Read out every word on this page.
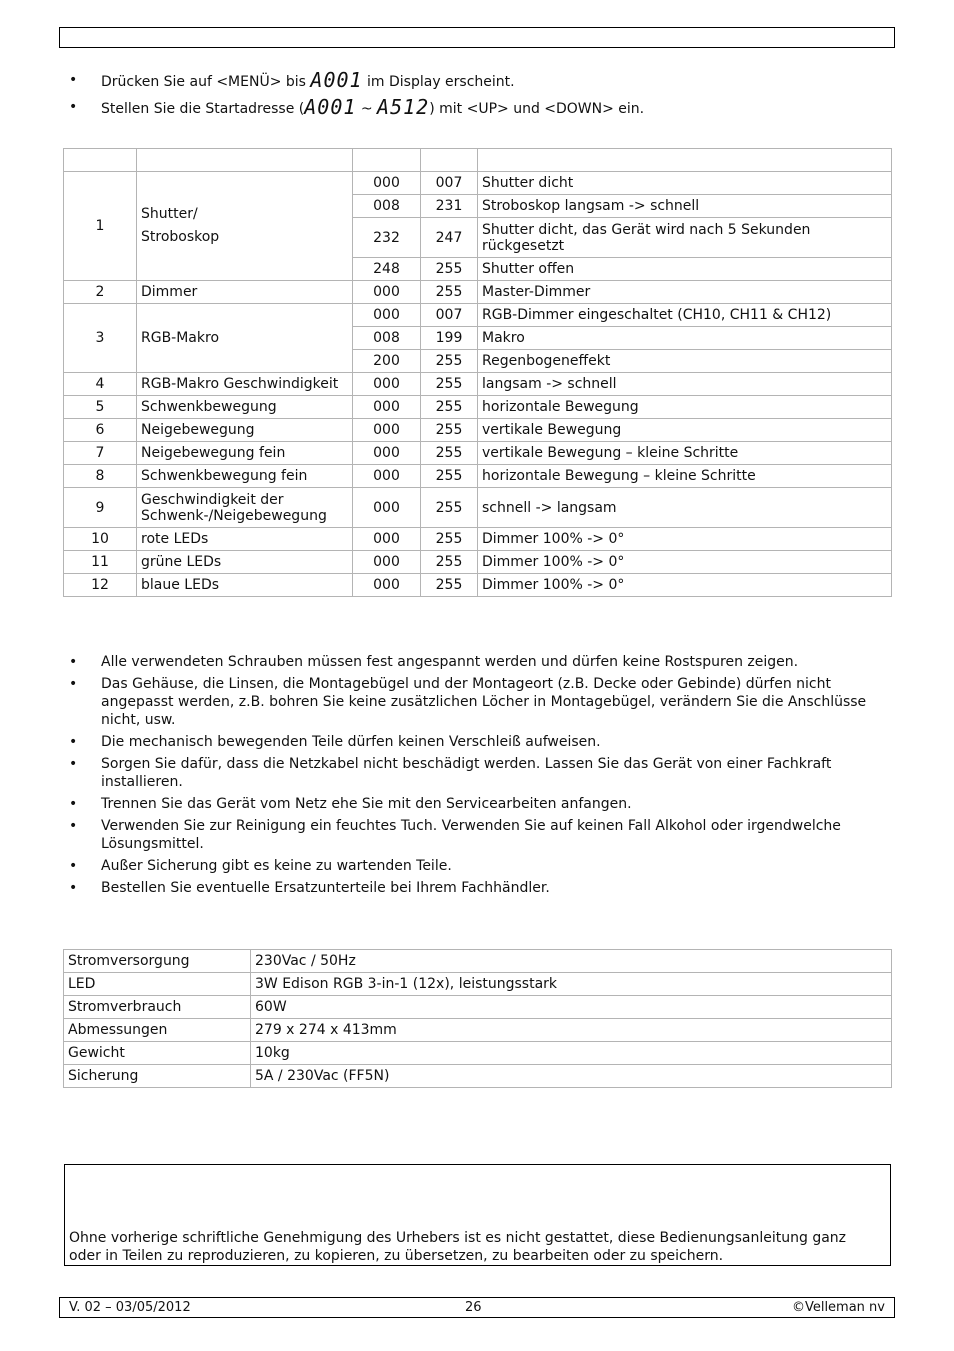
• Drücken Sie auf <MENÜ> bis A001 im Display erscheint.
• Stellen Sie die Startadresse (A001 ~ A512) mit <UP> und <DOWN> ein.

1	Shutter/
Stroboskop	000	007	Shutter dicht
		008	231	Stroboskop langsam -> schnell
		232	247	Shutter dicht, das Gerät wird nach 5 Sekunden rückgesetzt
		248	255	Shutter offen
2	Dimmer	000	255	Master-Dimmer
3	RGB-Makro	000	007	RGB-Dimmer eingeschaltet (CH10, CH11 & CH12)
		008	199	Makro
		200	255	Regenbogeneffekt
4	RGB-Makro Geschwindigkeit	000	255	langsam -> schnell
5	Schwenkbewegung	000	255	horizontale Bewegung
6	Neigebewegung	000	255	vertikale Bewegung
7	Neigebewegung fein	000	255	vertikale Bewegung – kleine Schritte
8	Schwenkbewegung fein	000	255	horizontale Bewegung – kleine Schritte
9	Geschwindigkeit der
Schwenk-/Neigebewegung	000	255	schnell -> langsam
10	rote LEDs	000	255	Dimmer 100% -> 0°
11	grüne LEDs	000	255	Dimmer 100% -> 0°
12	blaue LEDs	000	255	Dimmer 100% -> 0°
• Alle verwendeten Schrauben müssen fest angespannt werden und dürfen keine Rostspuren zeigen.
• Das Gehäuse, die Linsen, die Montagebügel und der Montageort (z.B. Decke oder Gebinde) dürfen nicht angepasst werden, z.B. bohren Sie keine zusätzlichen Löcher in Montagebügel, verändern Sie die Anschlüsse nicht, usw.
• Die mechanisch bewegenden Teile dürfen keinen Verschleiß aufweisen.
• Sorgen Sie dafür, dass die Netzkabel nicht beschädigt werden. Lassen Sie das Gerät von einer Fachkraft installieren.
• Trennen Sie das Gerät vom Netz ehe Sie mit den Servicearbeiten anfangen.
• Verwenden Sie zur Reinigung ein feuchtes Tuch. Verwenden Sie auf keinen Fall Alkohol oder irgendwelche Lösungsmittel.
• Außer Sicherung gibt es keine zu wartenden Teile.
• Bestellen Sie eventuelle Ersatzunterteile bei Ihrem Fachhändler.
Stromversorgung	230Vac / 50Hz
LED	3W Edison RGB 3-in-1 (12x), leistungsstark
Stromverbrauch	60W
Abmessungen	279 x 274 x 413mm
Gewicht	10kg
Sicherung	5A / 230Vac (FF5N)
Ohne vorherige schriftliche Genehmigung des Urhebers ist es nicht gestattet, diese Bedienungsanleitung ganz oder in Teilen zu reproduzieren, zu kopieren, zu übersetzen, zu bearbeiten oder zu speichern.
V. 02 – 03/05/2012	26	©Velleman nv
